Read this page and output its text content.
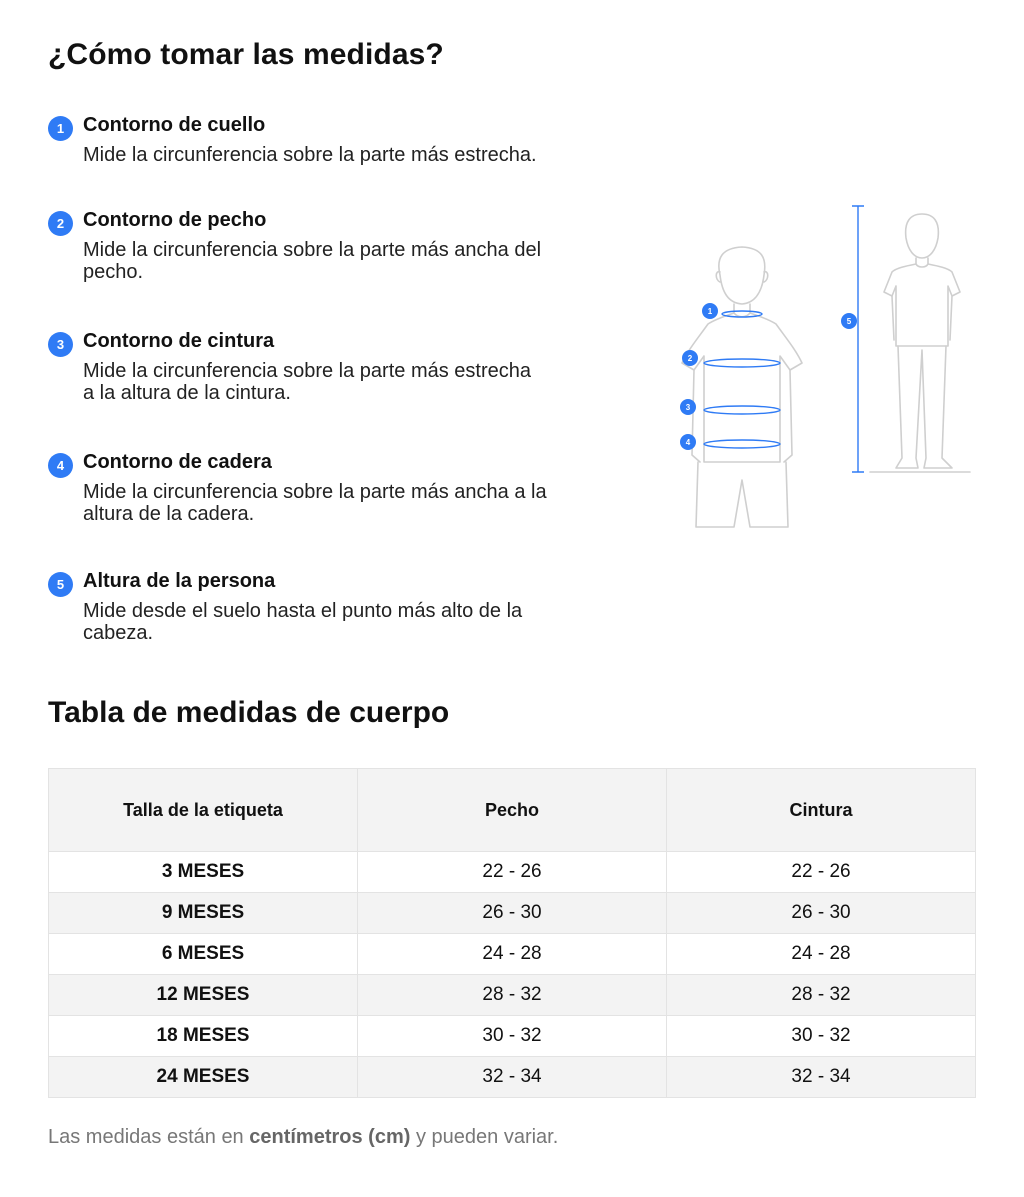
¿Cómo tomar las medidas?
1 Contorno de cuello
Mide la circunferencia sobre la parte más estrecha.
2 Contorno de pecho
Mide la circunferencia sobre la parte más ancha del
pecho.
3 Contorno de cintura
Mide la circunferencia sobre la parte más estrecha
a la altura de la cintura.
4 Contorno de cadera
Mide la circunferencia sobre la parte más ancha a la
altura de la cadera.
5 Altura de la persona
Mide desde el suelo hasta el punto más alto de la
cabeza.
1
2
3
4
5
Tabla de medidas de cuerpo
Talla de la etiqueta	Pecho	Cintura
3 MESES	22 - 26	22 - 26
9 MESES	26 - 30	26 - 30
6 MESES	24 - 28	24 - 28
12 MESES	28 - 32	28 - 32
18 MESES	30 - 32	30 - 32
24 MESES	32 - 34	32 - 34
Las medidas están en centímetros (cm) y pueden variar.
